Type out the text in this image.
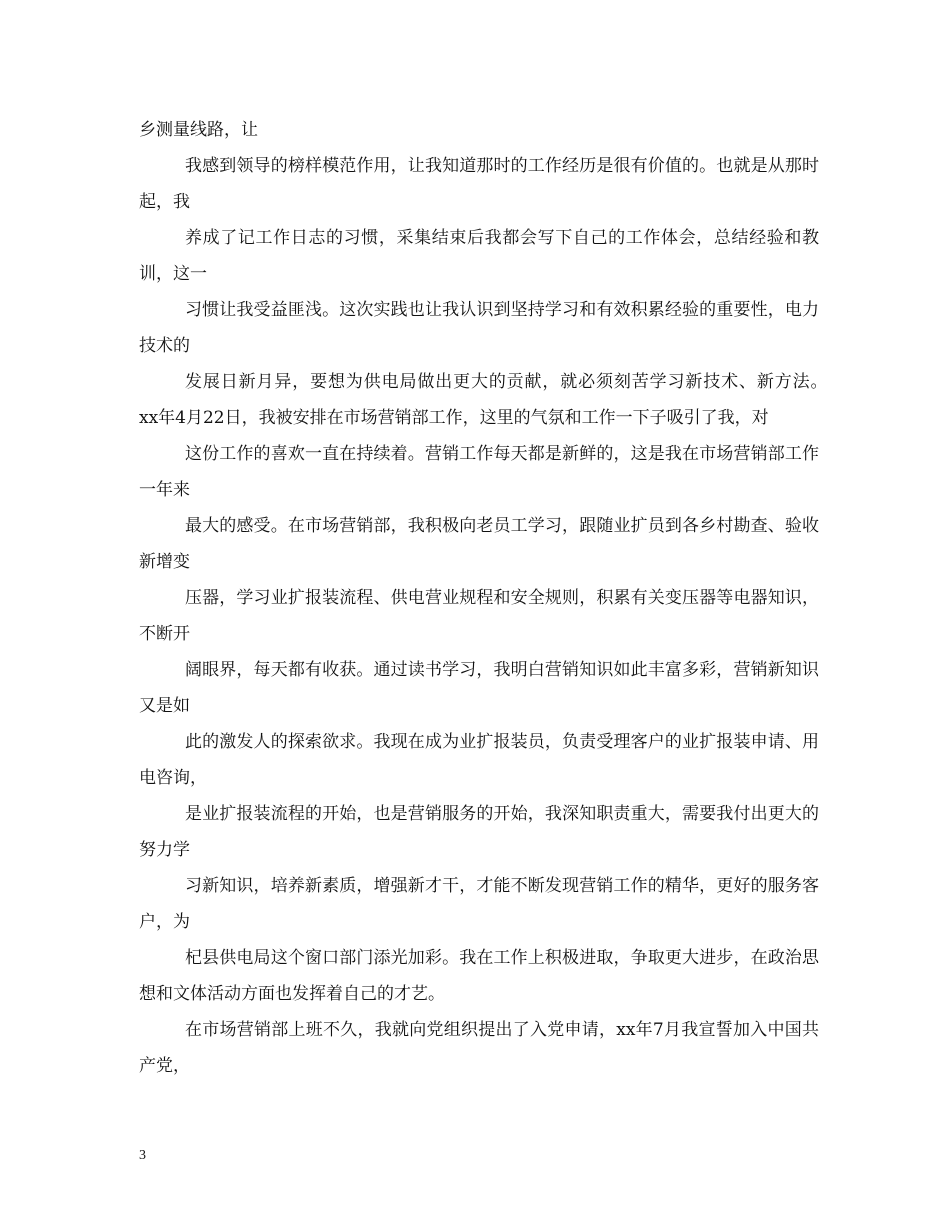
乡测量线路，让

我感到领导的榜样模范作用，让我知道那时的工作经历是很有价值的。也就是从那时起，我

养成了记工作日志的习惯，采集结束后我都会写下自己的工作体会，总结经验和教训，这一

习惯让我受益匪浅。这次实践也让我认识到坚持学习和有效积累经验的重要性，电力技术的

发展日新月异，要想为供电局做出更大的贡献，就必须刻苦学习新技术、新方法。　xx年4月22日，我被安排在市场营销部工作，这里的气氛和工作一下子吸引了我，对

这份工作的喜欢一直在持续着。营销工作每天都是新鲜的，这是我在市场营销部工作一年来

最大的感受。在市场营销部，我积极向老员工学习，跟随业扩员到各乡村勘查、验收新增变

压器，学习业扩报装流程、供电营业规程和安全规则，积累有关变压器等电器知识，不断开

阔眼界，每天都有收获。通过读书学习，我明白营销知识如此丰富多彩，营销新知识又是如

此的激发人的探索欲求。我现在成为业扩报装员，负责受理客户的业扩报装申请、用电咨询，

是业扩报装流程的开始，也是营销服务的开始，我深知职责重大，需要我付出更大的努力学

习新知识，培养新素质，增强新才干，才能不断发现营销工作的精华，更好的服务客户，为

杞县供电局这个窗口部门添光加彩。我在工作上积极进取，争取更大进步，在政治思想和文体活动方面也发挥着自己的才艺。

在市场营销部上班不久，我就向党组织提出了入党申请，xx年7月我宣誓加入中国共产党，

3
